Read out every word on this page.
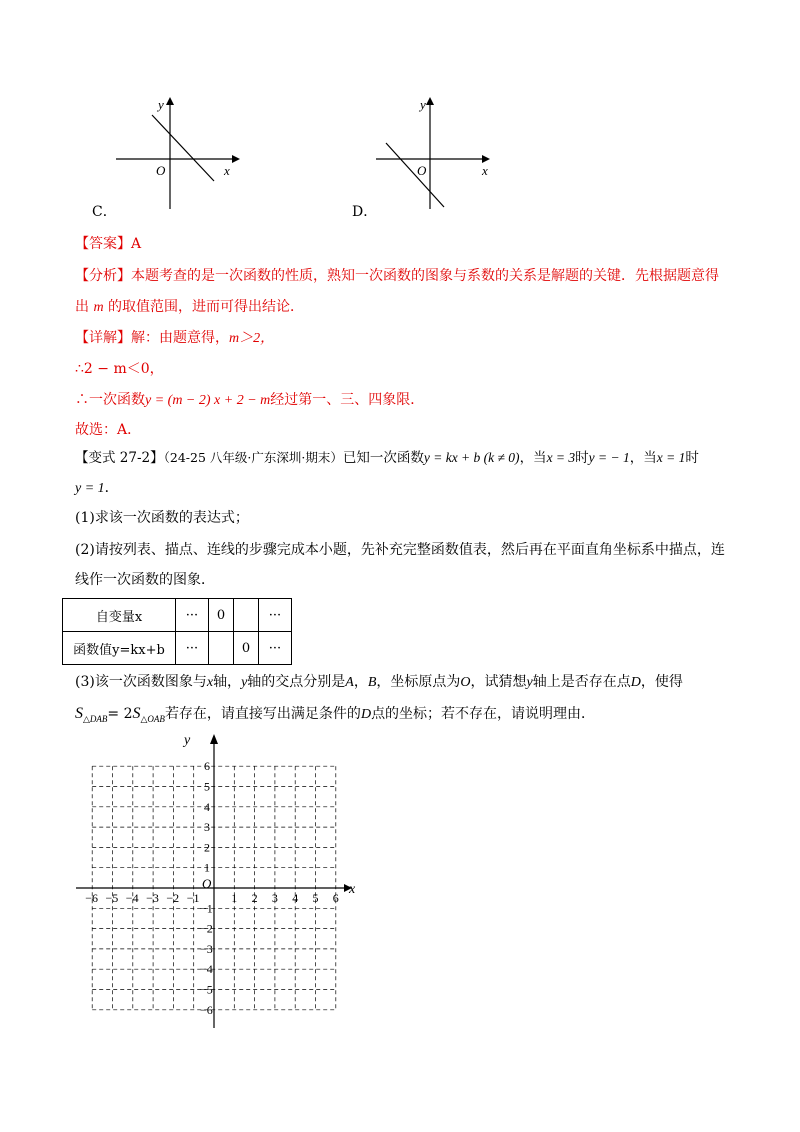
y
x
O
C．
y
x
O
D．
【答案】A
【分析】本题考查的是一次函数的性质，熟知一次函数的图象与系数的关系是解题的关键．先根据题意得
出 m 的取值范围，进而可得出结论．
【详解】解：由题意得，m＞2，
∴2 − m＜0，
∴一次函数y = (m − 2) x + 2 − m经过第一、三、四象限．
故选：A．
【变式 27-2】（24-25 八年级·广东深圳·期末）已知一次函数y = kx + b (k ≠ 0)，当x = 3时y = − 1，当x = 1时
y = 1．
(1)求该一次函数的表达式；
(2)请按列表、描点、连线的步骤完成本小题，先补充完整函数值表，然后再在平面直角坐标系中描点，连
线作一次函数的图象．
自变量x	···	0		···
函数值y=kx+b	···		0	···
(3)该一次函数图象与x轴，y轴的交点分别是A，B，坐标原点为O，试猜想y轴上是否存在点D，使得
$S_{\triangle DAB}= 2S_{\triangle OAB}$若存在，请直接写出满足条件的D点的坐标；若不存在，请说明理由．
x
y
O
−6 −5 −4 −3 −2 −1	1 2 3 4 5 6
6
5
4
3
2
1
−1
−2
−3
−4
−5
−6
